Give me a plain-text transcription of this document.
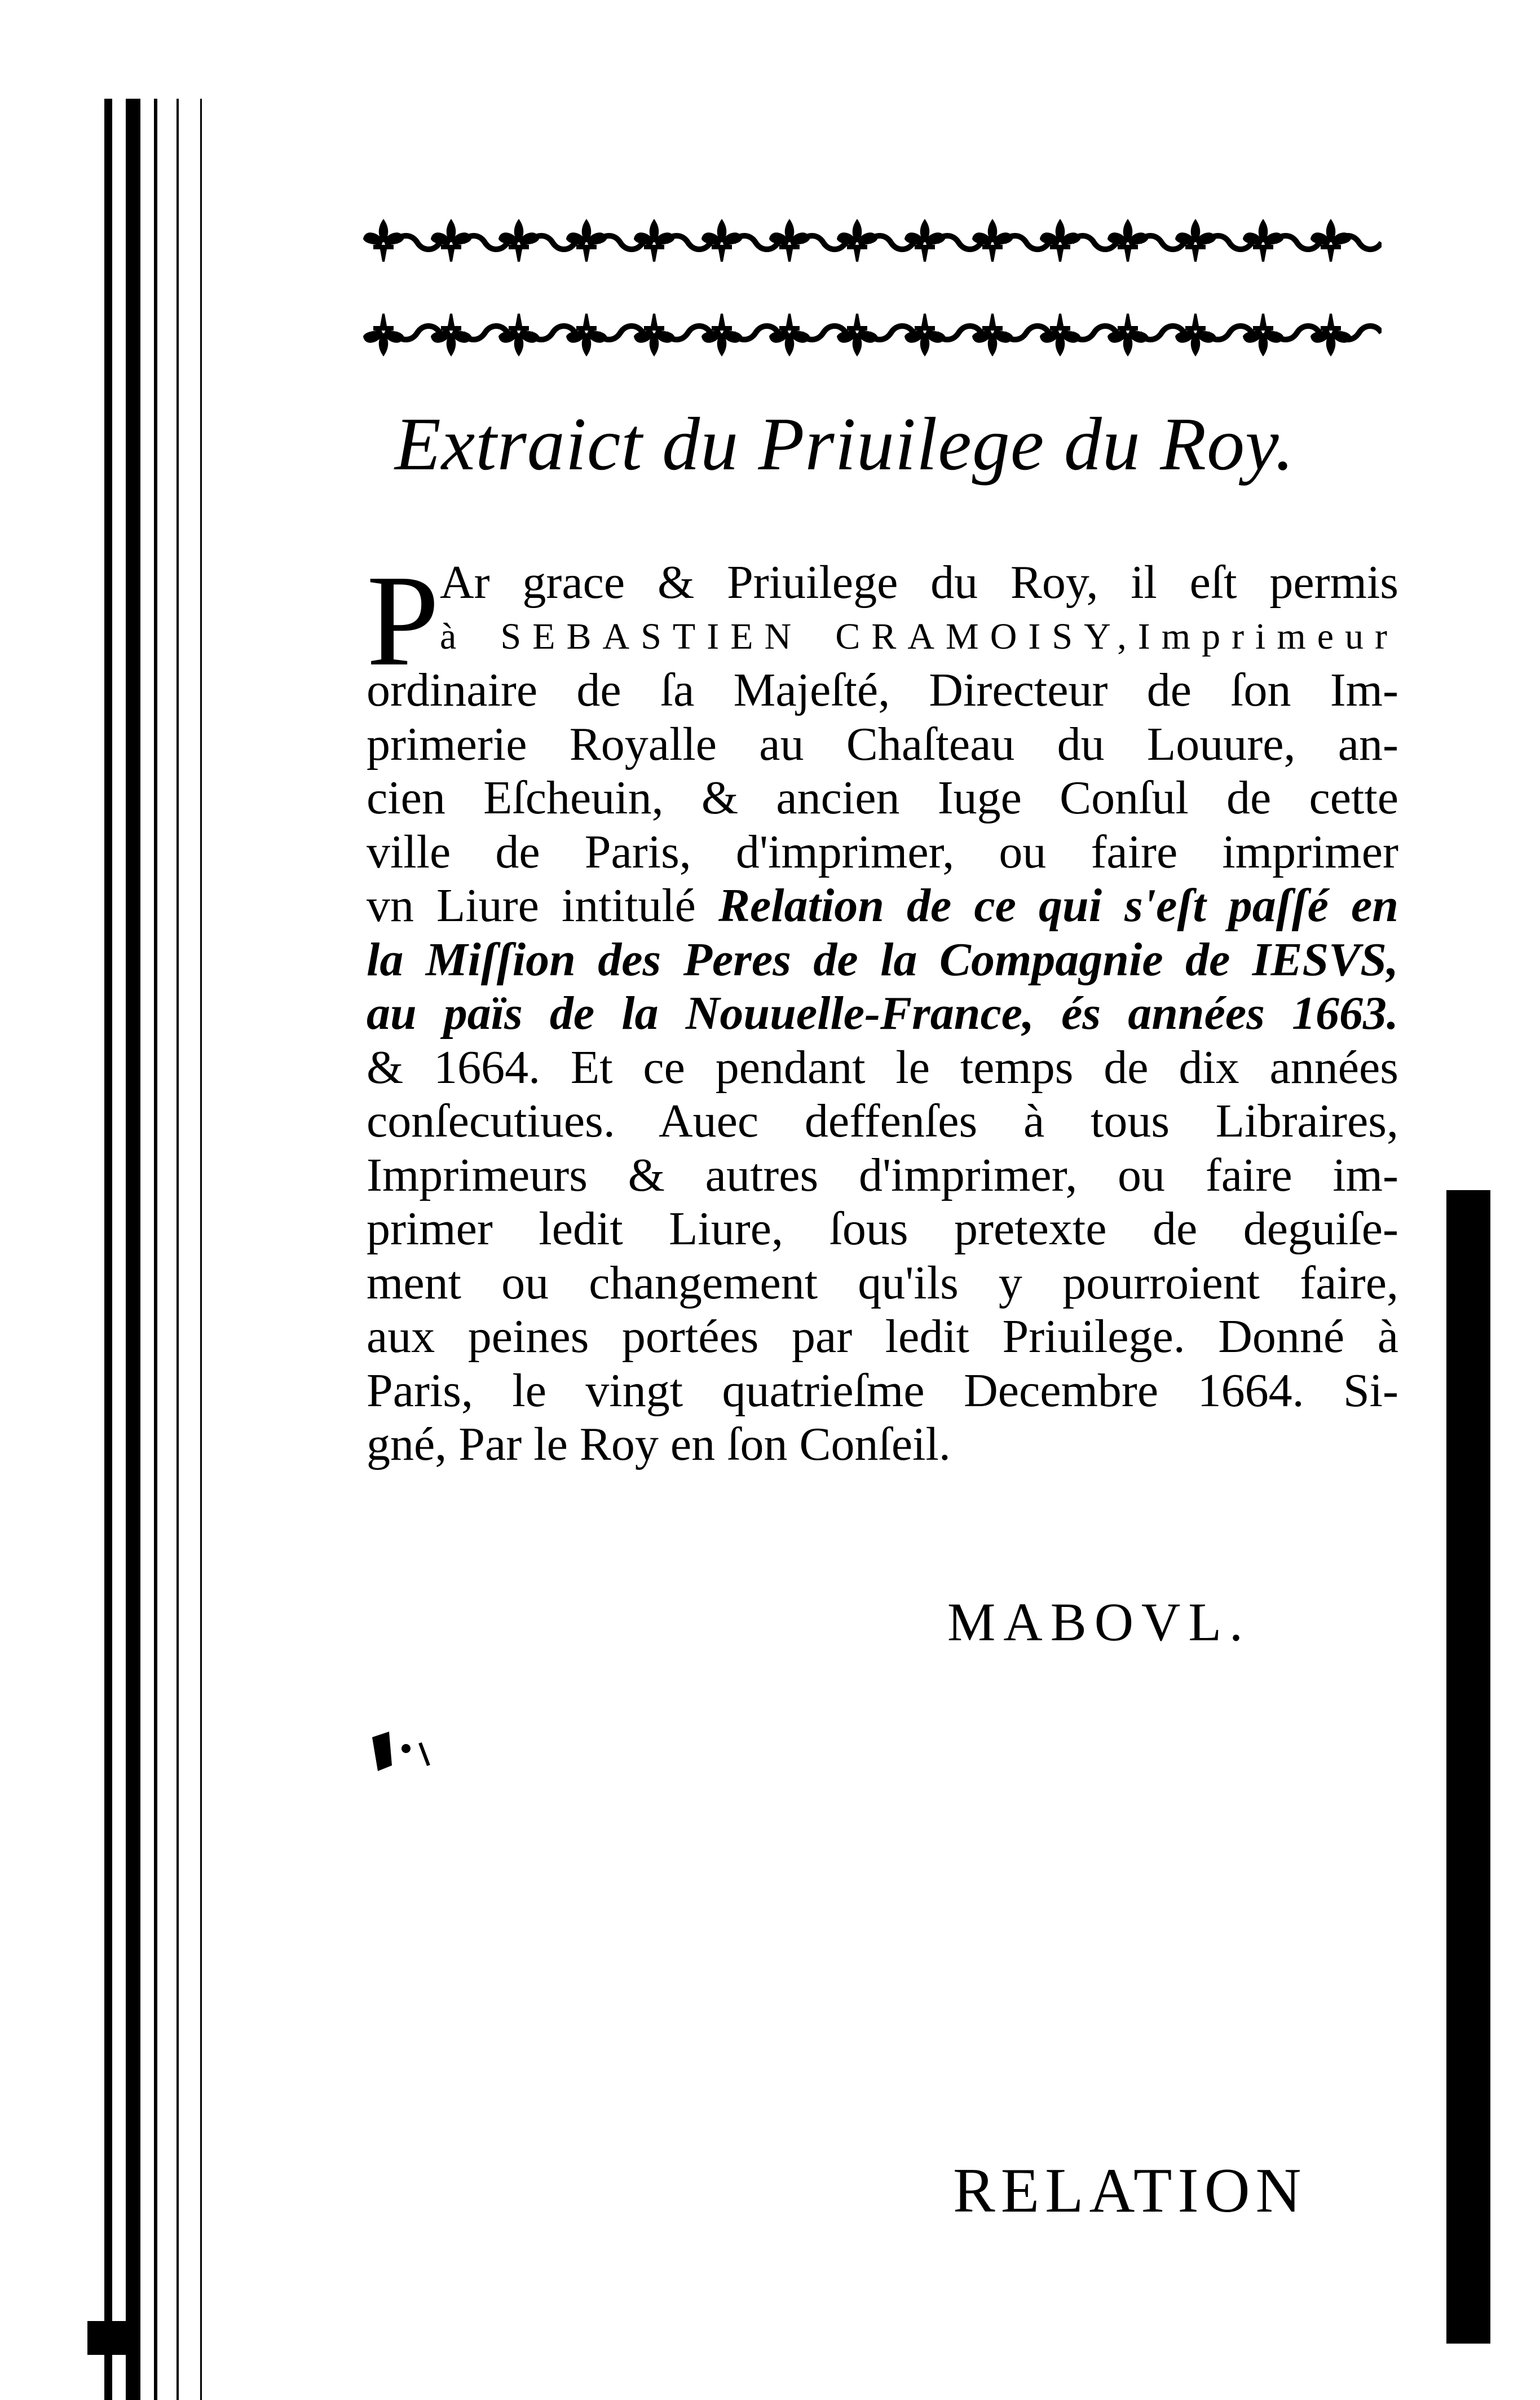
Extraict du Priuilege du Roy.
P Ar grace & Priuilege du Roy, il eſt permis
à SEBASTIEN CRAMOISY,Imprimeur
ordinaire de ſa Majeſté, Directeur de ſon Im-
primerie Royalle au Chaſteau du Louure, an-
cien Eſcheuin, & ancien Iuge Conſul de cette
ville de Paris, d'imprimer, ou faire imprimer
vn Liure intitulé Relation de ce qui s'eſt paſſé en
la Miſſion des Peres de la Compagnie de IESVS,
au païs de la Nouuelle-France, és années 1663.
& 1664. Et ce pendant le temps de dix années
conſecutiues. Auec deffenſes à tous Libraires,
Imprimeurs & autres d'imprimer, ou faire im-
primer ledit Liure, ſous pretexte de deguiſe-
ment ou changement qu'ils y pourroient faire,
aux peines portées par ledit Priuilege. Donné à
Paris, le vingt quatrieſme Decembre 1664. Si-
gné, Par le Roy en ſon Conſeil.
MABOVL.
RELATION
